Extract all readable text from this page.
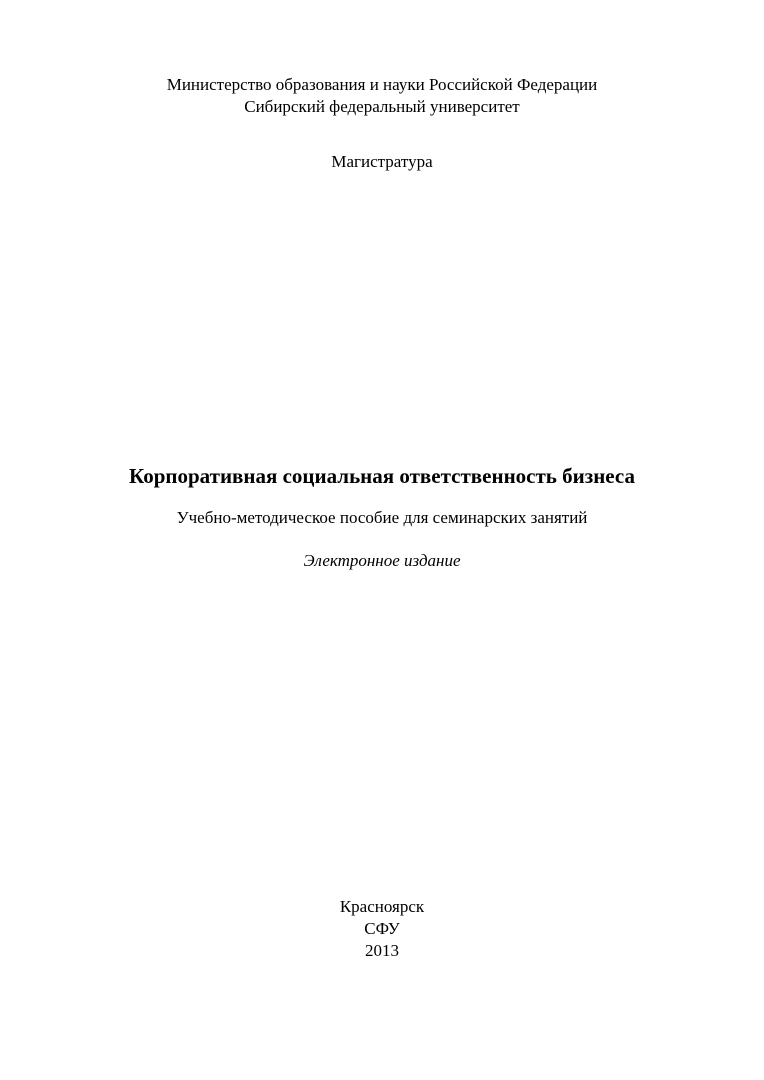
Министерство образования и науки Российской Федерации
Сибирский федеральный университет
Магистратура
Корпоративная социальная ответственность бизнеса
Учебно-методическое пособие для семинарских занятий
Электронное издание
Красноярск
СФУ
2013
